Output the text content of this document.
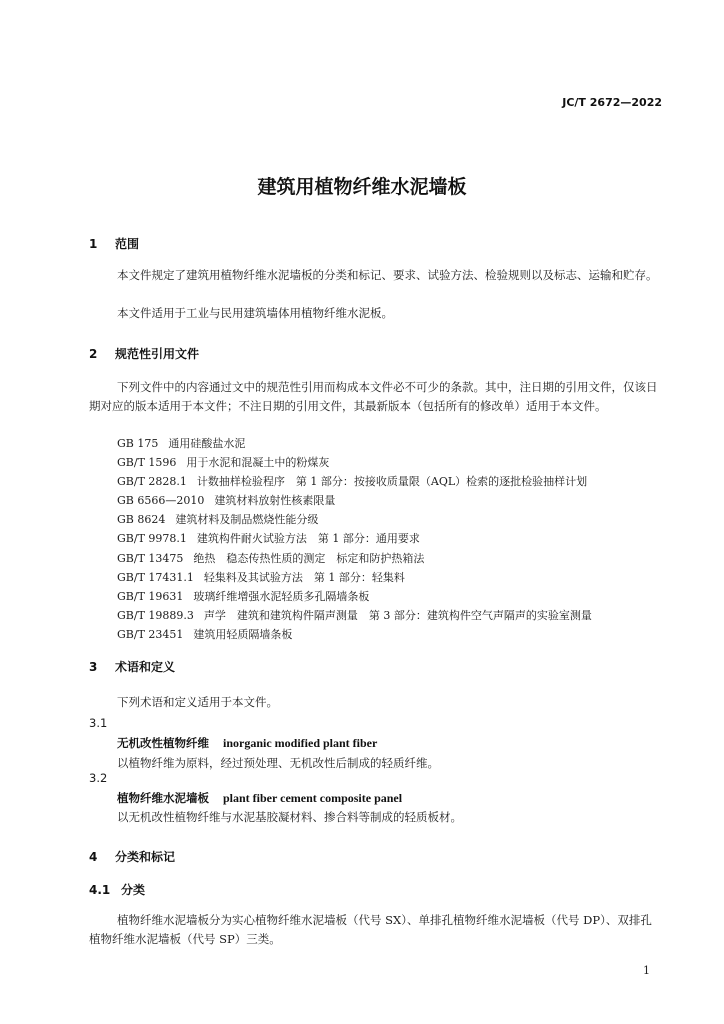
JC/T 2672—2022
建筑用植物纤维水泥墙板
1 范围
本文件规定了建筑用植物纤维水泥墙板的分类和标记、要求、试验方法、检验规则以及标志、运输和贮存。
本文件适用于工业与民用建筑墙体用植物纤维水泥板。
2 规范性引用文件
下列文件中的内容通过文中的规范性引用而构成本文件必不可少的条款。其中，注日期的引用文件，仅该日期对应的版本适用于本文件；不注日期的引用文件，其最新版本（包括所有的修改单）适用于本文件。
GB 175 通用硅酸盐水泥
GB/T 1596 用于水泥和混凝土中的粉煤灰
GB/T 2828.1 计数抽样检验程序　第 1 部分：按接收质量限（AQL）检索的逐批检验抽样计划
GB 6566—2010 建筑材料放射性核素限量
GB 8624 建筑材料及制品燃烧性能分级
GB/T 9978.1 建筑构件耐火试验方法　第 1 部分：通用要求
GB/T 13475 绝热　稳态传热性质的测定　标定和防护热箱法
GB/T 17431.1 轻集料及其试验方法　第 1 部分：轻集料
GB/T 19631 玻璃纤维增强水泥轻质多孔隔墙条板
GB/T 19889.3 声学　建筑和建筑构件隔声测量　第 3 部分：建筑构件空气声隔声的实验室测量
GB/T 23451 建筑用轻质隔墙条板
3 术语和定义
下列术语和定义适用于本文件。
3.1
无机改性植物纤维 inorganic modified plant fiber
以植物纤维为原料，经过预处理、无机改性后制成的轻质纤维。
3.2
植物纤维水泥墙板 plant fiber cement composite panel
以无机改性植物纤维与水泥基胶凝材料、掺合料等制成的轻质板材。
4 分类和标记
4.1 分类
植物纤维水泥墙板分为实心植物纤维水泥墙板（代号 SX）、单排孔植物纤维水泥墙板（代号 DP）、双排孔植物纤维水泥墙板（代号 SP）三类。
1
